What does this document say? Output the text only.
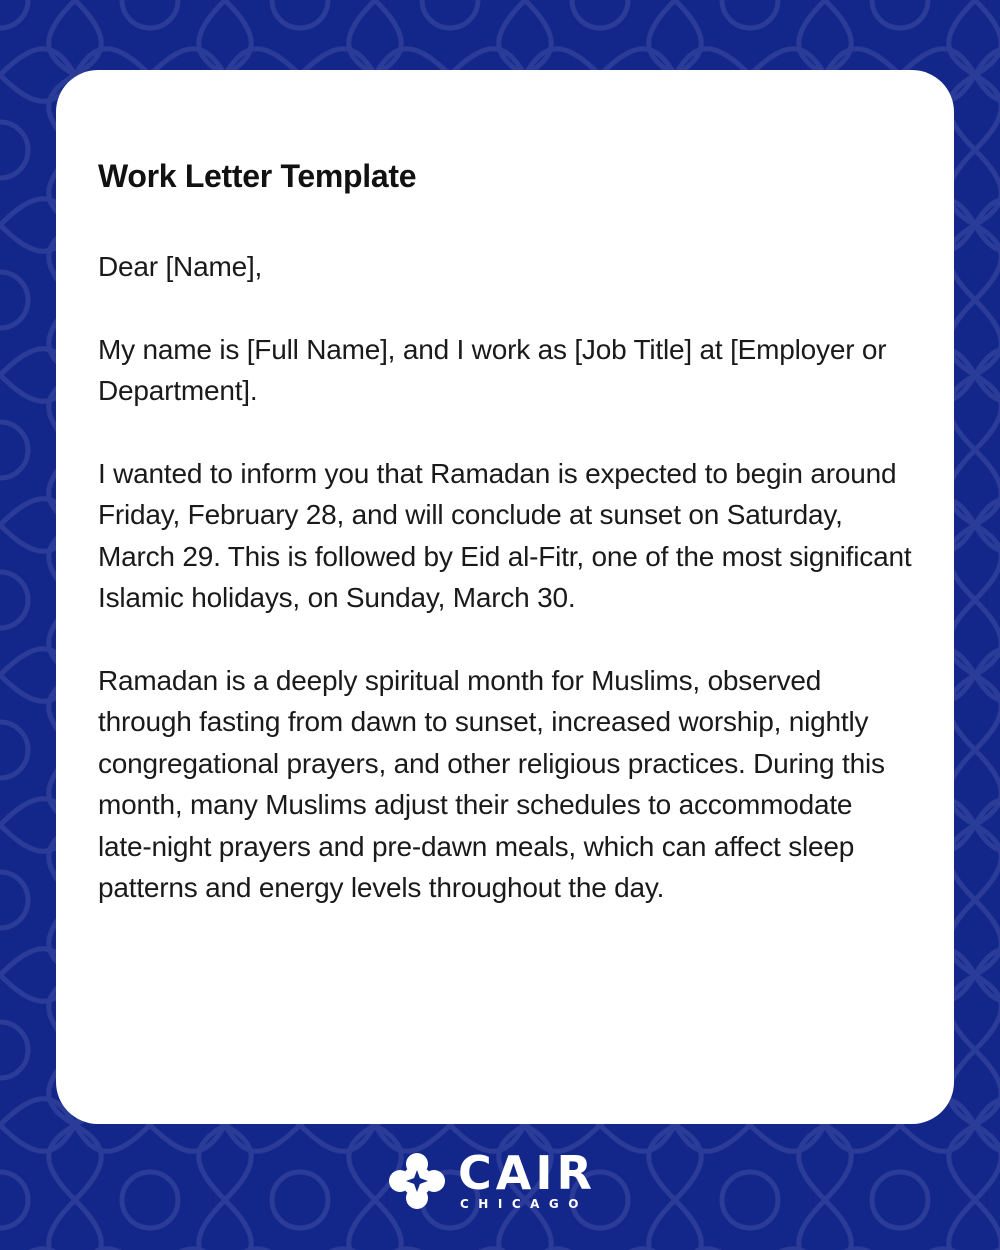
Work Letter Template

Dear [Name],

My name is [Full Name], and I work as [Job Title] at [Employer or Department].

I wanted to inform you that Ramadan is expected to begin around Friday, February 28, and will conclude at sunset on Saturday, March 29. This is followed by Eid al-Fitr, one of the most significant Islamic holidays, on Sunday, March 30.

Ramadan is a deeply spiritual month for Muslims, observed through fasting from dawn to sunset, increased worship, nightly congregational prayers, and other religious practices. During this month, many Muslims adjust their schedules to accommodate late-night prayers and pre-dawn meals, which can affect sleep patterns and energy levels throughout the day.

CAIR

CHICAGO
